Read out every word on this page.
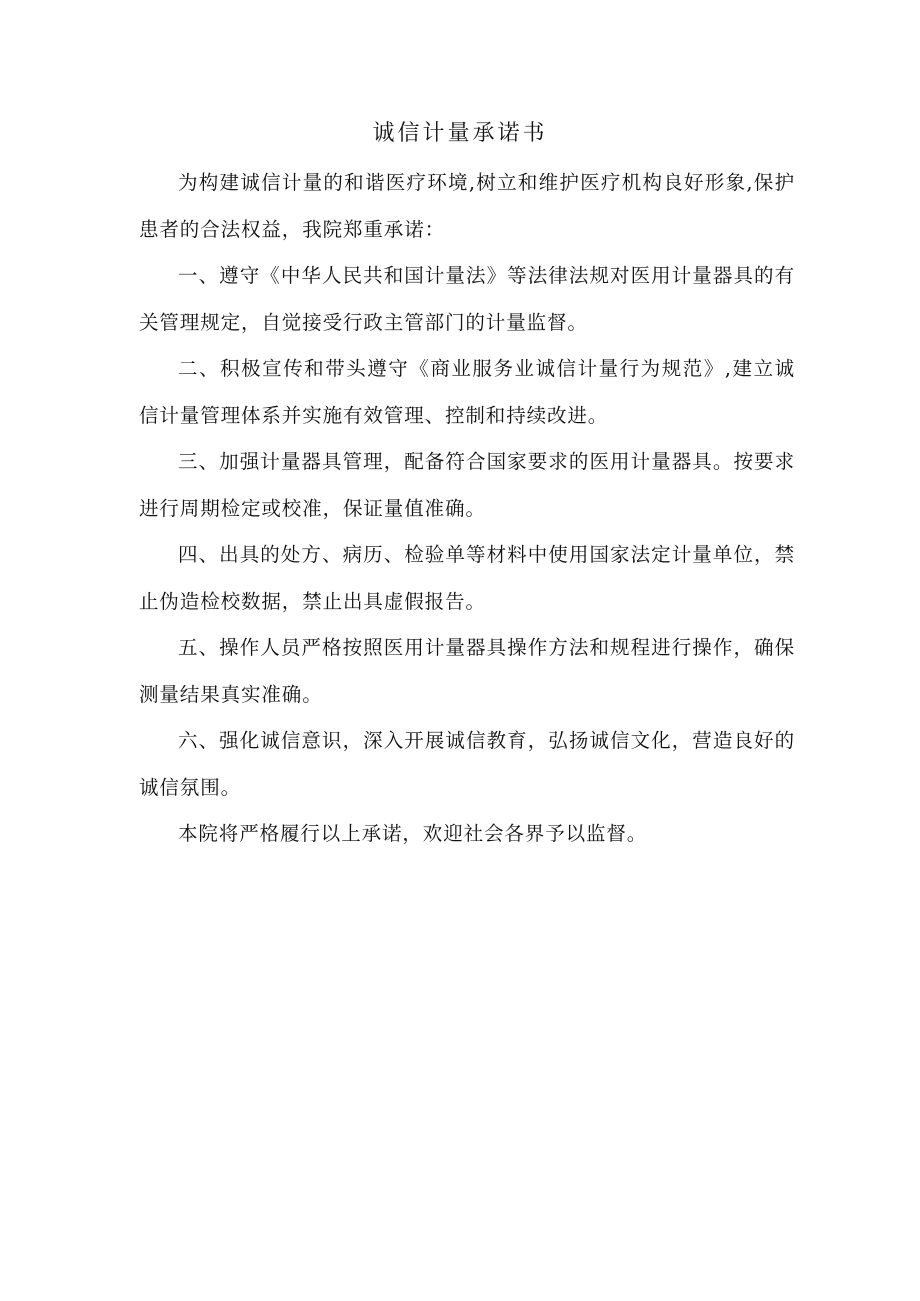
诚信计量承诺书

为构建诚信计量的和谐医疗环境,树立和维护医疗机构良好形象,保护患者的合法权益，我院郑重承诺：

一、遵守《中华人民共和国计量法》等法律法规对医用计量器具的有关管理规定，自觉接受行政主管部门的计量监督。

二、积极宣传和带头遵守《商业服务业诚信计量行为规范》,建立诚信计量管理体系并实施有效管理、控制和持续改进。

三、加强计量器具管理，配备符合国家要求的医用计量器具。按要求进行周期检定或校准，保证量值准确。

四、出具的处方、病历、检验单等材料中使用国家法定计量单位，禁止伪造检校数据，禁止出具虚假报告。

五、操作人员严格按照医用计量器具操作方法和规程进行操作，确保测量结果真实准确。

六、强化诚信意识，深入开展诚信教育，弘扬诚信文化，营造良好的诚信氛围。

本院将严格履行以上承诺，欢迎社会各界予以监督。
